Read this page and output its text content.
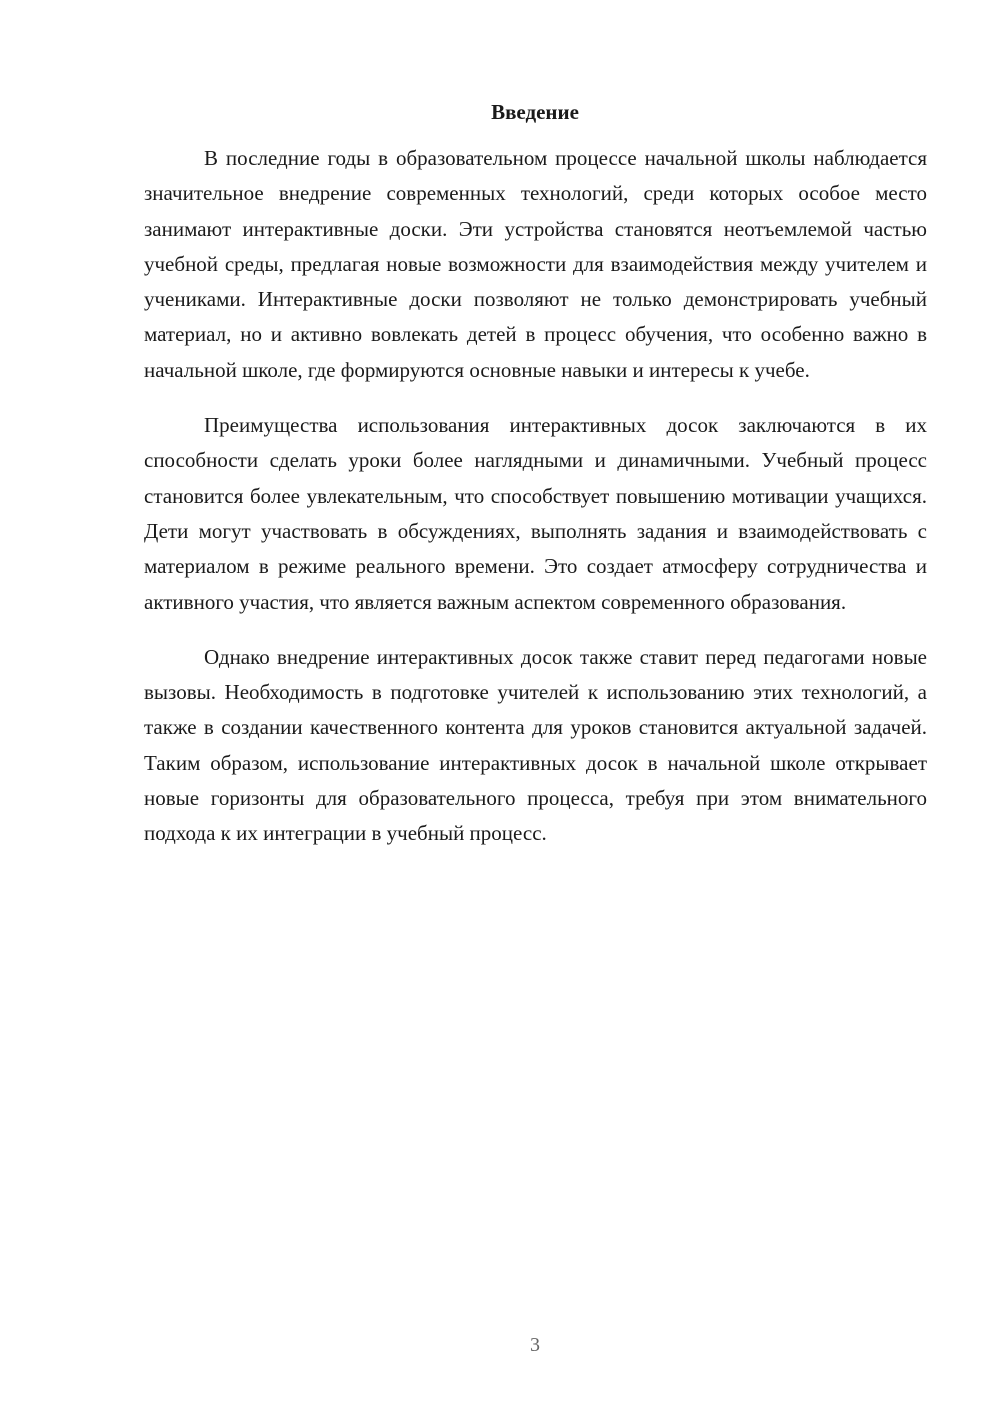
Введение

В последние годы в образовательном процессе начальной школы наблюдается значительное внедрение современных технологий, среди которых особое место занимают интерактивные доски. Эти устройства становятся неотъемлемой частью учебной среды, предлагая новые возможности для взаимодействия между учителем и учениками. Интерактивные доски позволяют не только демонстрировать учебный материал, но и активно вовлекать детей в процесс обучения, что особенно важно в начальной школе, где формируются основные навыки и интересы к учебе.

Преимущества использования интерактивных досок заключаются в их способности сделать уроки более наглядными и динамичными. Учебный процесс становится более увлекательным, что способствует повышению мотивации учащихся. Дети могут участвовать в обсуждениях, выполнять задания и взаимодействовать с материалом в режиме реального времени. Это создает атмосферу сотрудничества и активного участия, что является важным аспектом современного образования.

Однако внедрение интерактивных досок также ставит перед педагогами новые вызовы. Необходимость в подготовке учителей к использованию этих технологий, а также в создании качественного контента для уроков становится актуальной задачей. Таким образом, использование интерактивных досок в начальной школе открывает новые горизонты для образовательного процесса, требуя при этом внимательного подхода к их интеграции в учебный процесс.

3
